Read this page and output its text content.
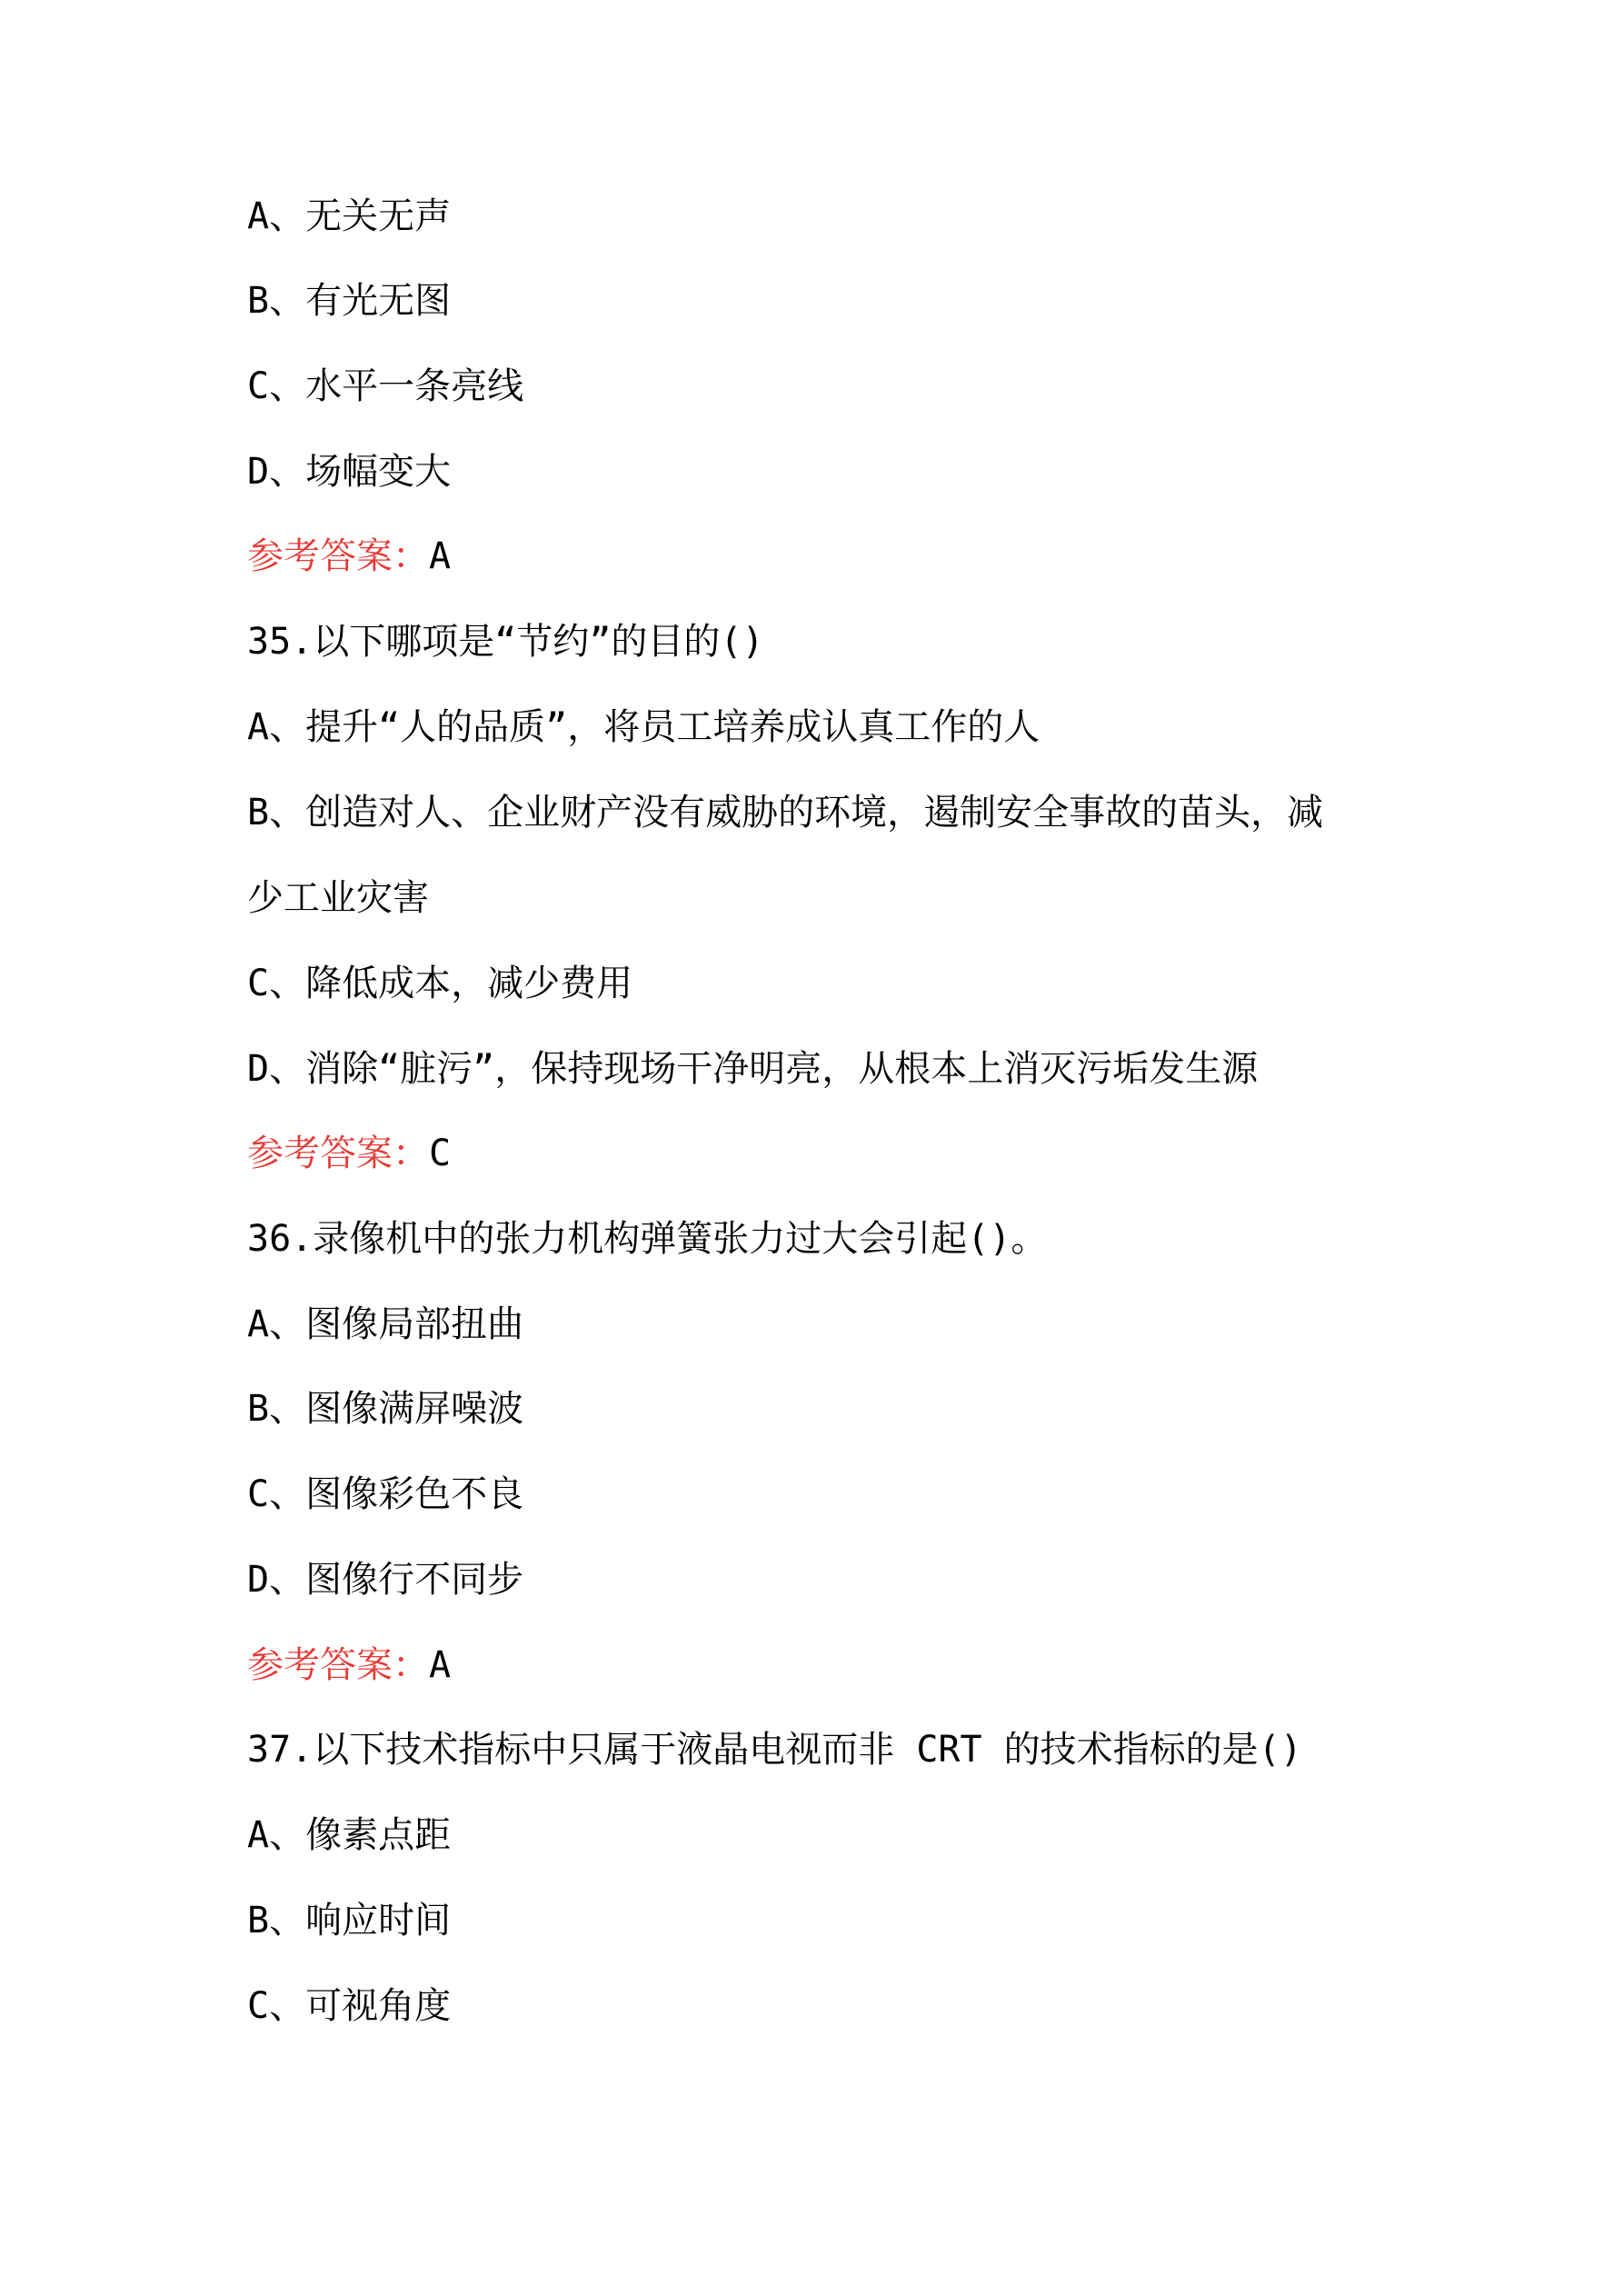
A、无关无声
B、有光无图
C、水平一条亮线
D、场幅变大
参考答案：A
35.以下哪项是“节约”的目的()
A、提升“人的品质”，将员工培养成认真工作的人
B、创造对人、企业财产没有威胁的环境，遏制安全事故的苗头，减
少工业灾害
C、降低成本，减少费用
D、消除“脏污”，保持现场干净明亮，从根本上消灭污垢发生源
参考答案：C
36.录像机中的张力机构弹簧张力过大会引起()。
A、图像局部扭曲
B、图像满屏噪波
C、图像彩色不良
D、图像行不同步
参考答案：A
37.以下技术指标中只属于液晶电视而非 CRT 的技术指标的是()
A、像素点距
B、响应时间
C、可视角度
